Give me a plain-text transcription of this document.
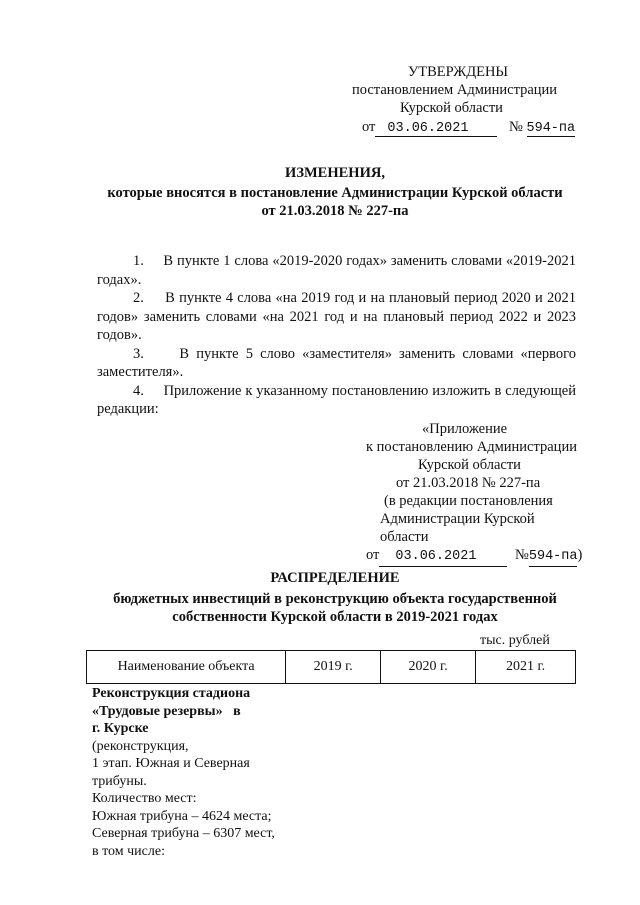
УТВЕРЖДЕНЫ
постановлением Администрации
Курской области
от 03.06.2021	№ 594-па
ИЗМЕНЕНИЯ,
которые вносятся в постановление Администрации Курской области
от 21.03.2018 № 227-па
1. В пункте 1 слова «2019-2020 годах» заменить словами «2019-2021 годах».
2. В пункте 4 слова «на 2019 год и на плановый период 2020 и 2021 годов» заменить словами «на 2021 год и на плановый период 2022 и 2023 годов».
3. В пункте 5 слово «заместителя» заменить словами «первого заместителя».
4. Приложение к указанному постановлению изложить в следующей редакции:
«Приложение
к постановлению Администрации
Курской области
от 21.03.2018 № 227-па
(в редакции постановления
Администрации Курской области
от 03.06.2021	№594-па)
РАСПРЕДЕЛЕНИЕ
бюджетных инвестиций в реконструкцию объекта государственной
собственности Курской области в 2019-2021 годах
тыс. рублей
Наименование объекта	2019 г.	2020 г.	2021 г.
Реконструкция стадиона
«Трудовые резервы» в
г. Курске
(реконструкция,
1 этап. Южная и Северная
трибуны.
Количество мест:
Южная трибуна – 4624 места;
Северная трибуна – 6307 мест,
в том числе:
